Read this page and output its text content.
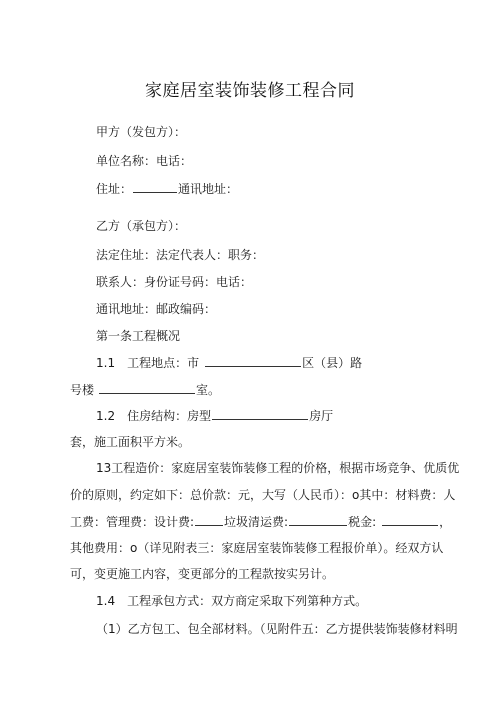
家庭居室装饰装修工程合同
甲方（发包方）：
单位名称：电话：
住址：	通讯地址：
乙方（承包方）：
法定住址：法定代表人：职务：
联系人：身份证号码：电话：
通讯地址：邮政编码：
第一条工程概况
1.1　工程地点：市	区（县）路
号楼	室。
1.2　住房结构：房型	房厅
套，施工面积平方米。
13工程造价：家庭居室装饰装修工程的价格，根据市场竞争、优质优
价的原则，约定如下：总价款：元，大写（人民币）：o其中：材料费：人
工费：管理费：设计费:	垃圾清运费:	税金:	，
其他费用：o（详见附表三：家庭居室装饰装修工程报价单）。经双方认
可，变更施工内容，变更部分的工程款按实另计。
1.4　工程承包方式：双方商定采取下列第种方式。
（1）乙方包工、包全部材料。（见附件五：乙方提供装饰装修材料明
